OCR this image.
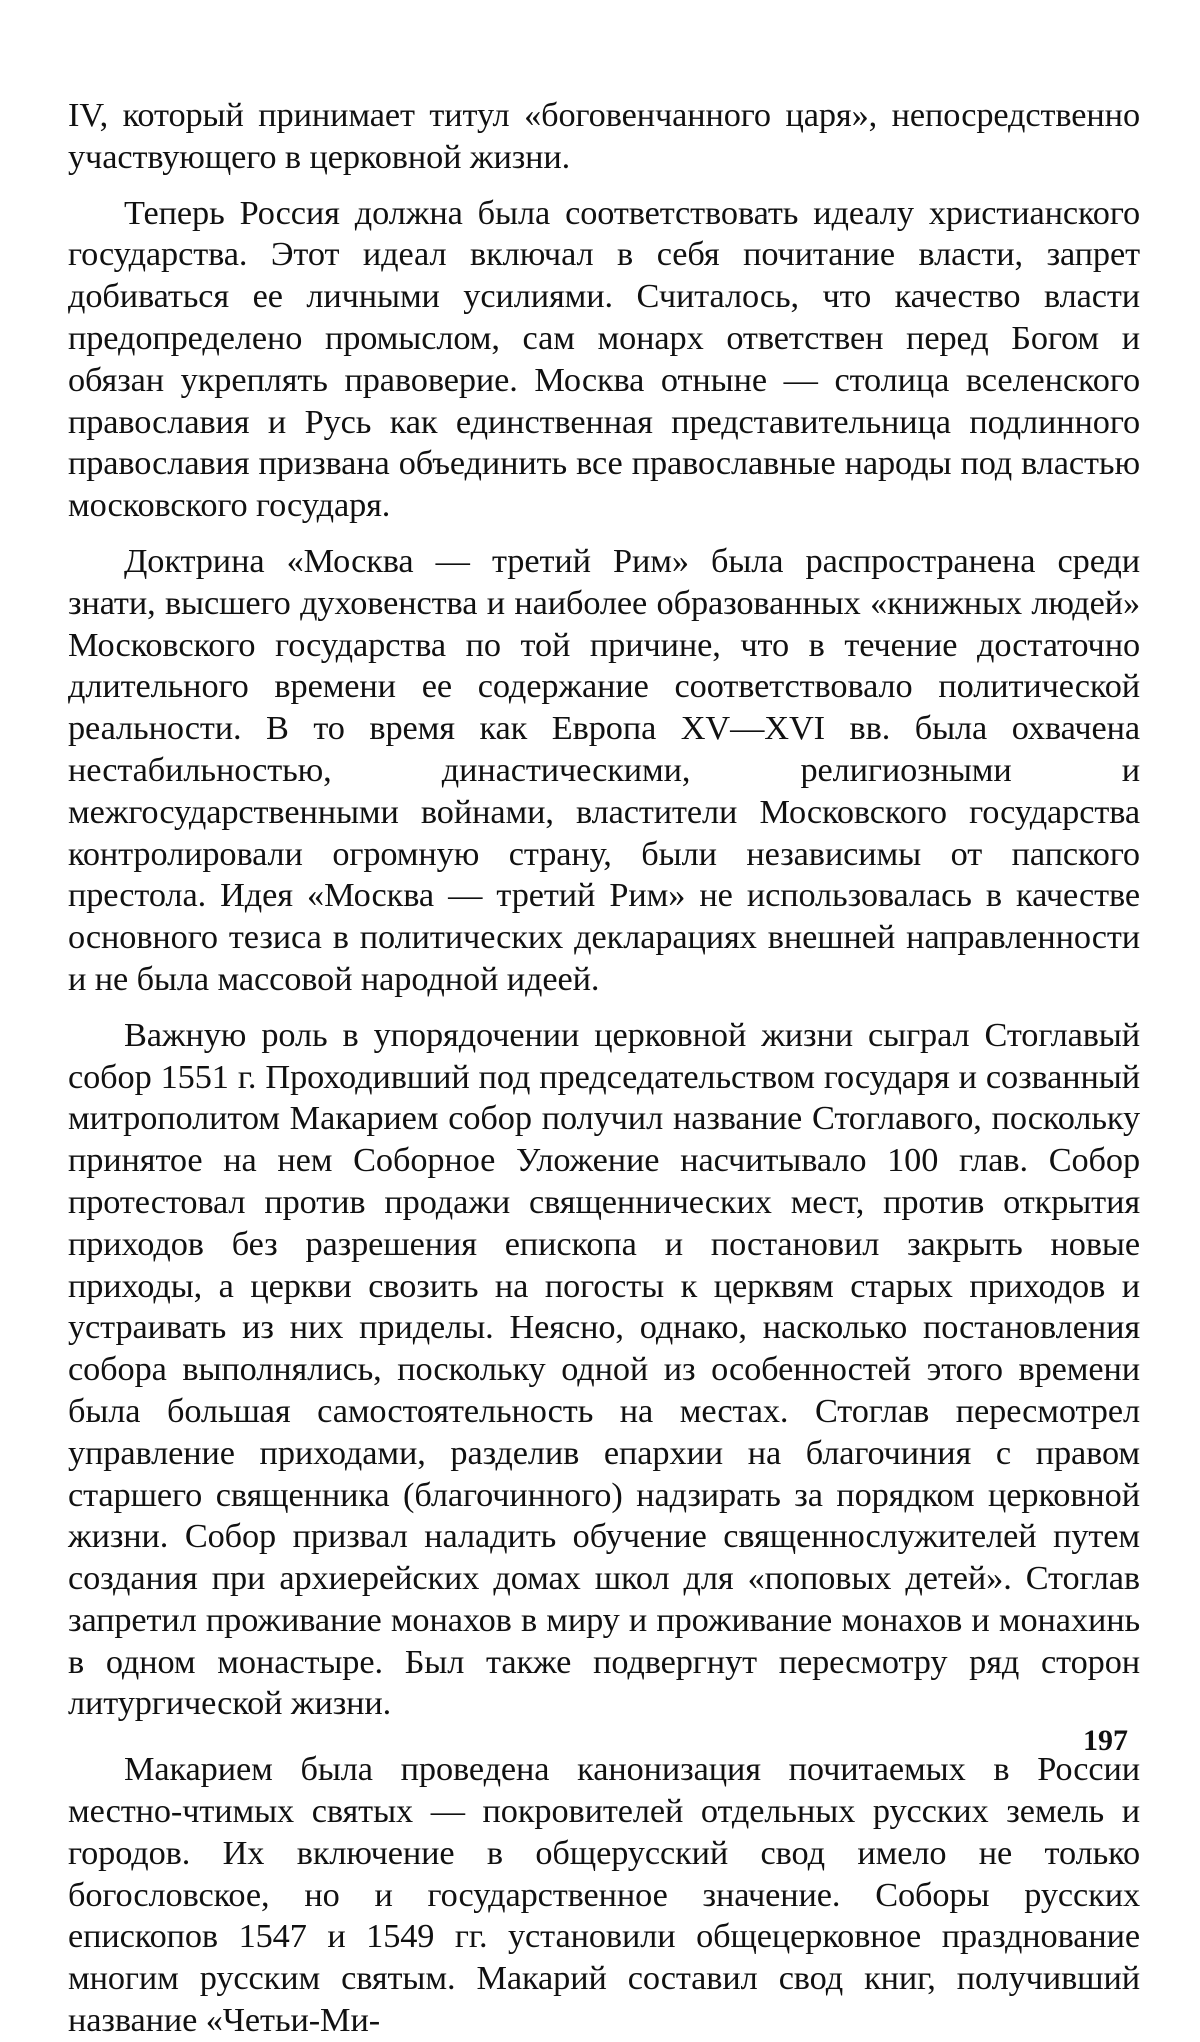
IV, который принимает титул «боговенчанного царя», непосредственно участвующего в церковной жизни.

Теперь Россия должна была соответствовать идеалу христианского государства. Этот идеал включал в себя почитание власти, запрет добиваться ее личными усилиями. Считалось, что качество власти предопределено промыслом, сам монарх ответствен перед Богом и обязан укреплять правоверие. Москва отныне — столица вселенского православия и Русь как единственная представительница подлинного православия призвана объединить все православные народы под властью московского государя.

Доктрина «Москва — третий Рим» была распространена среди знати, высшего духовенства и наиболее образованных «книжных людей» Московского государства по той причине, что в течение достаточно длительного времени ее содержание соответствовало политической реальности. В то время как Европа XV—XVI вв. была охвачена нестабильностью, династическими, религиозными и межгосударственными войнами, властители Московского государства контролировали огромную страну, были независимы от папского престола. Идея «Москва — третий Рим» не использовалась в качестве основного тезиса в политических декларациях внешней направленности и не была массовой народной идеей.

Важную роль в упорядочении церковной жизни сыграл Стоглавый собор 1551 г. Проходивший под председательством государя и созванный митрополитом Макарием собор получил название Стоглавого, поскольку принятое на нем Соборное Уложение насчитывало 100 глав. Собор протестовал против продажи священнических мест, против открытия приходов без разрешения епископа и постановил закрыть новые приходы, а церкви свозить на погосты к церквям старых приходов и устраивать из них приделы. Неясно, однако, насколько постановления собора выполнялись, поскольку одной из особенностей этого времени была большая самостоятельность на местах. Стоглав пересмотрел управление приходами, разделив епархии на благочиния с правом старшего священника (благочинного) надзирать за порядком церковной жизни. Собор призвал наладить обучение священнослужителей путем создания при архиерейских домах школ для «поповых детей». Стоглав запретил проживание монахов в миру и проживание монахов и монахинь в одном монастыре. Был также подвергнут пересмотру ряд сторон литургической жизни.

Макарием была проведена канонизация почитаемых в России местно-чтимых святых — покровителей отдельных русских земель и городов. Их включение в общерусский свод имело не только богословское, но и государственное значение. Соборы русских епископов 1547 и 1549 гг. установили общецерковное празднование многим русским святым. Макарий составил свод книг, получивший название «Четьи-Ми-

197
